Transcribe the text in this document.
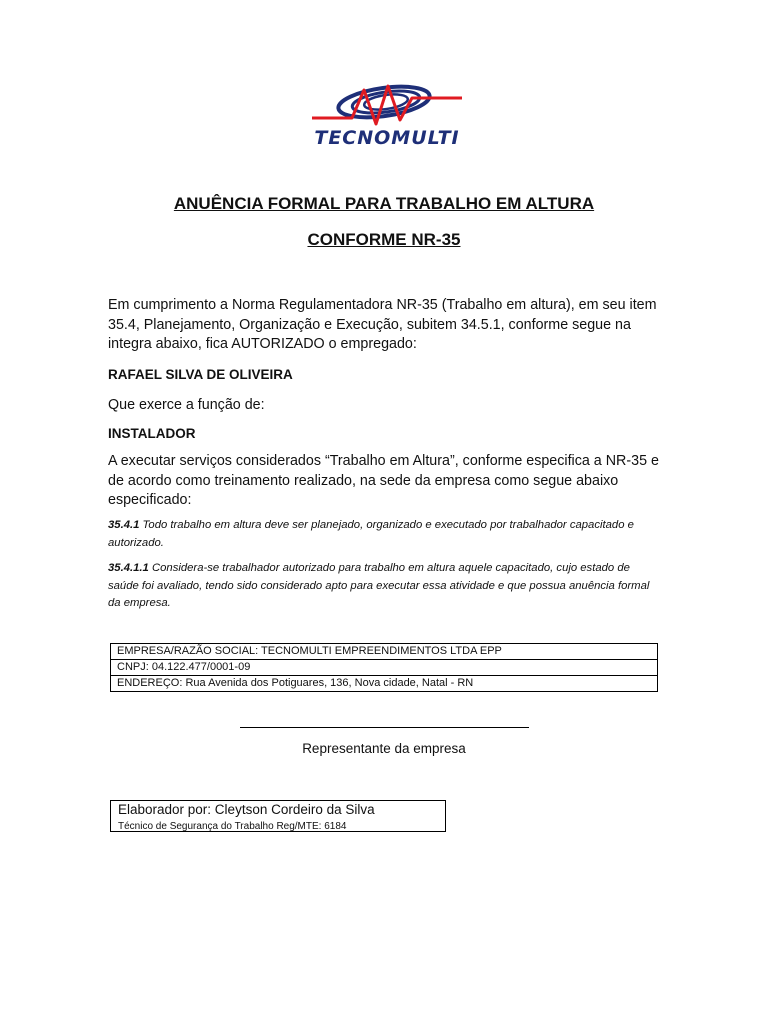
TECNOMULTI
ANUÊNCIA FORMAL PARA TRABALHO EM ALTURA
CONFORME NR-35
Em cumprimento a Norma Regulamentadora NR-35 (Trabalho em altura), em seu item 35.4, Planejamento, Organização e Execução, subitem 34.5.1, conforme segue na integra abaixo, fica AUTORIZADO o empregado:
RAFAEL SILVA DE OLIVEIRA
Que exerce a função de:
INSTALADOR
A executar serviços considerados “Trabalho em Altura”, conforme especifica a NR-35 e de acordo como treinamento realizado, na sede da empresa como segue abaixo especificado:
35.4.1 Todo trabalho em altura deve ser planejado, organizado e executado por trabalhador capacitado e autorizado.
35.4.1.1 Considera-se trabalhador autorizado para trabalho em altura aquele capacitado, cujo estado de saúde foi avaliado, tendo sido considerado apto para executar essa atividade e que possua anuência formal da empresa.
EMPRESA/RAZÃO SOCIAL: TECNOMULTI EMPREENDIMENTOS LTDA EPP
CNPJ: 04.122.477/0001-09
ENDEREÇO: Rua Avenida dos Potiguares, 136, Nova cidade, Natal - RN
Representante da empresa
Elaborador por: Cleytson Cordeiro da Silva
Técnico de Segurança do Trabalho Reg/MTE: 6184
